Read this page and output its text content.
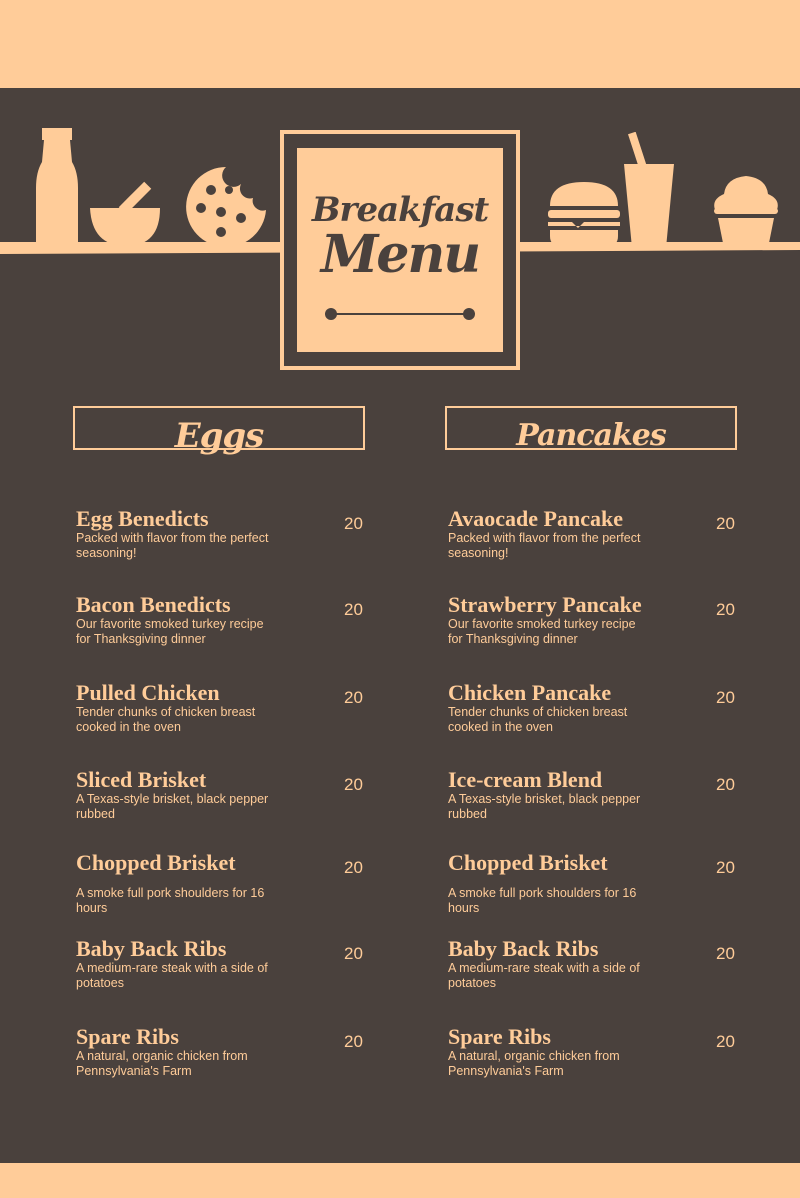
Breakfast
Menu
Eggs	Pancakes
Egg Benedicts
Packed with flavor from the perfect seasoning!
20
Bacon Benedicts
Our favorite smoked turkey recipe for Thanksgiving dinner
20
Pulled Chicken
Tender chunks of chicken breast cooked in the oven
20
Sliced Brisket
A Texas-style brisket, black pepper rubbed
20
Chopped Brisket
A smoke full pork shoulders for 16 hours
20
Baby Back Ribs
A medium-rare steak with a side of potatoes
20
Spare Ribs
A natural, organic chicken from Pennsylvania's Farm
20
Avaocade Pancake
Packed with flavor from the perfect seasoning!
20
Strawberry Pancake
Our favorite smoked turkey recipe for Thanksgiving dinner
20
Chicken Pancake
Tender chunks of chicken breast cooked in the oven
20
Ice-cream Blend
A Texas-style brisket, black pepper rubbed
20
Chopped Brisket
A smoke full pork shoulders for 16 hours
20
Baby Back Ribs
A medium-rare steak with a side of potatoes
20
Spare Ribs
A natural, organic chicken from Pennsylvania's Farm
20
